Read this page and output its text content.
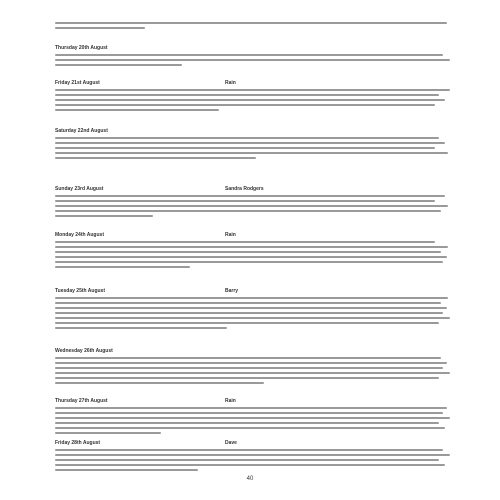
Thursday 20th August
Friday 21st August	Rain
Saturday 22nd August
Sunday 23rd August	Sandra Rodgers
Monday 24th August	Rain
Tuesday 25th August	Barry
Wednesday 26th August
Thursday 27th August	Rain
Friday 28th August	Dave
40
